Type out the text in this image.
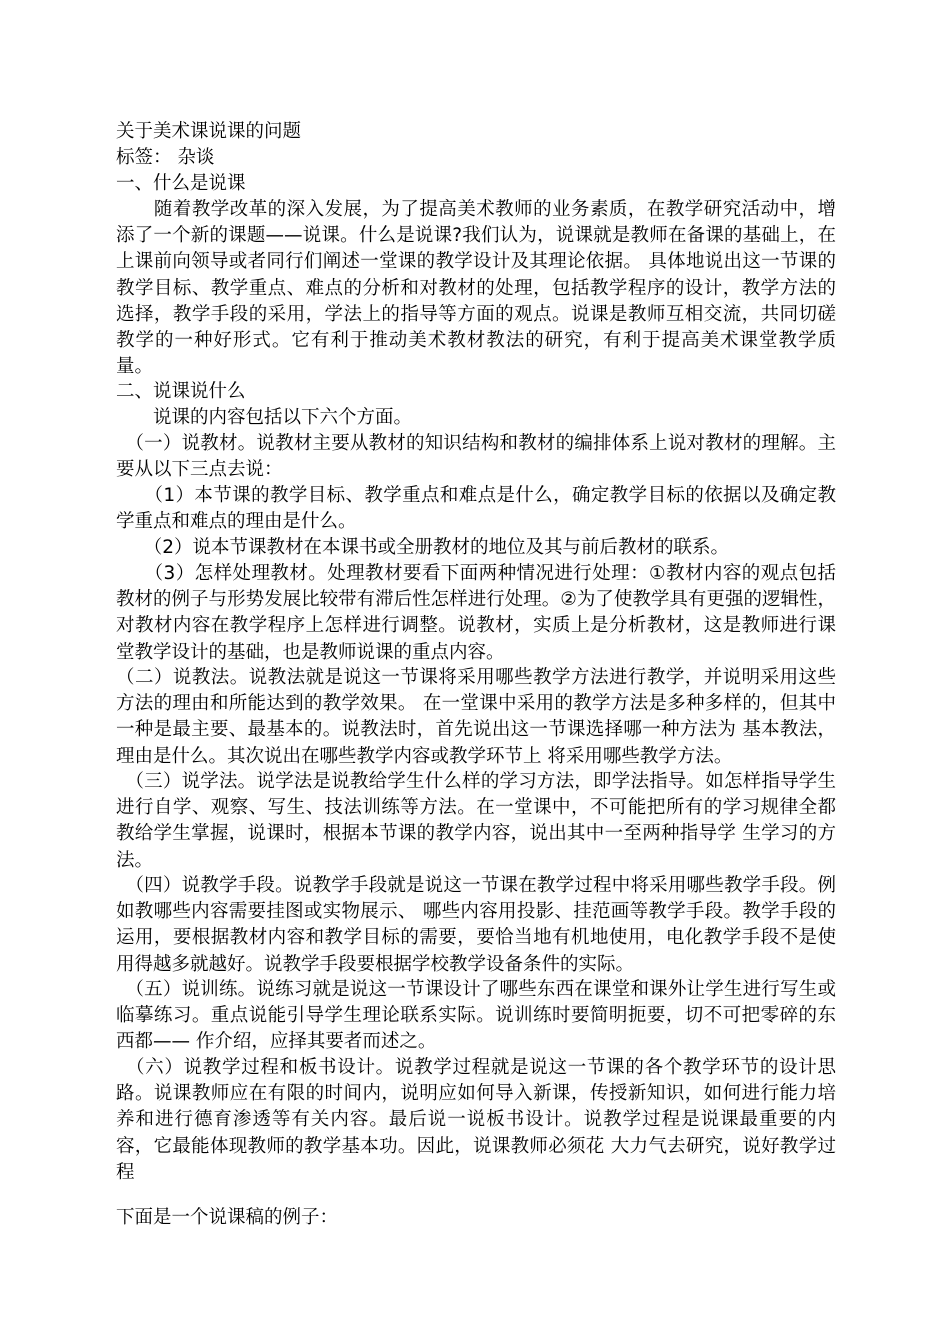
关于美术课说课的问题

标签： 杂谈

一、什么是说课

　　随着教学改革的深入发展，为了提高美术教师的业务素质，在教学研究活动中，增添了一个新的课题——说课。什么是说课?我们认为，说课就是教师在备课的基础上，在上课前向领导或者同行们阐述一堂课的教学设计及其理论依据。 具体地说出这一节课的教学目标、教学重点、难点的分析和对教材的处理，包括教学程序的设计，教学方法的选择，教学手段的采用，学法上的指导等方面的观点。说课是教师互相交流，共同切磋教学的一种好形式。它有利于推动美术教材教法的研究，有利于提高美术课堂教学质量。

二、说课说什么

　　说课的内容包括以下六个方面。

　（一）说教材。说教材主要从教材的知识结构和教材的编排体系上说对教材的理解。主要从以下三点去说：

　　（1）本节课的教学目标、教学重点和难点是什么，确定教学目标的依据以及确定教学重点和难点的理由是什么。

　　（2）说本节课教材在本课书或全册教材的地位及其与前后教材的联系。

　　（3）怎样处理教材。处理教材要看下面两种情况进行处理：①教材内容的观点包括教材的例子与形势发展比较带有滞后性怎样进行处理。②为了使教学具有更强的逻辑性，对教材内容在教学程序上怎样进行调整。说教材，实质上是分析教材，这是教师进行课堂教学设计的基础，也是教师说课的重点内容。

（二）说教法。说教法就是说这一节课将采用哪些教学方法进行教学，并说明采用这些方法的理由和所能达到的教学效果。 在一堂课中采用的教学方法是多种多样的，但其中一种是最主要、最基本的。说教法时，首先说出这一节课选择哪一种方法为 基本教法，理由是什么。其次说出在哪些教学内容或教学环节上 将采用哪些教学方法。

　（三）说学法。说学法是说教给学生什么样的学习方法，即学法指导。如怎样指导学生进行自学、观察、写生、技法训练等方法。在一堂课中，不可能把所有的学习规律全都教给学生掌握，说课时，根据本节课的教学内容，说出其中一至两种指导学 生学习的方法。

　（四）说教学手段。说教学手段就是说这一节课在教学过程中将采用哪些教学手段。例如教哪些内容需要挂图或实物展示、 哪些内容用投影、挂范画等教学手段。教学手段的运用，要根据教材内容和教学目标的需要，要恰当地有机地使用，电化教学手段不是使用得越多就越好。说教学手段要根据学校教学设备条件的实际。

　（五）说训练。说练习就是说这一节课设计了哪些东西在课堂和课外让学生进行写生或临摹练习。重点说能引导学生理论联系实际。说训练时要简明扼要，切不可把零碎的东西都—— 作介绍，应择其要者而述之。

　（六）说教学过程和板书设计。说教学过程就是说这一节课的各个教学环节的设计思路。说课教师应在有限的时间内，说明应如何导入新课，传授新知识，如何进行能力培养和进行德育渗透等有关内容。最后说一说板书设计。说教学过程是说课最重要的内容，它最能体现教师的教学基本功。因此，说课教师必须花 大力气去研究，说好教学过程

下面是一个说课稿的例子：
